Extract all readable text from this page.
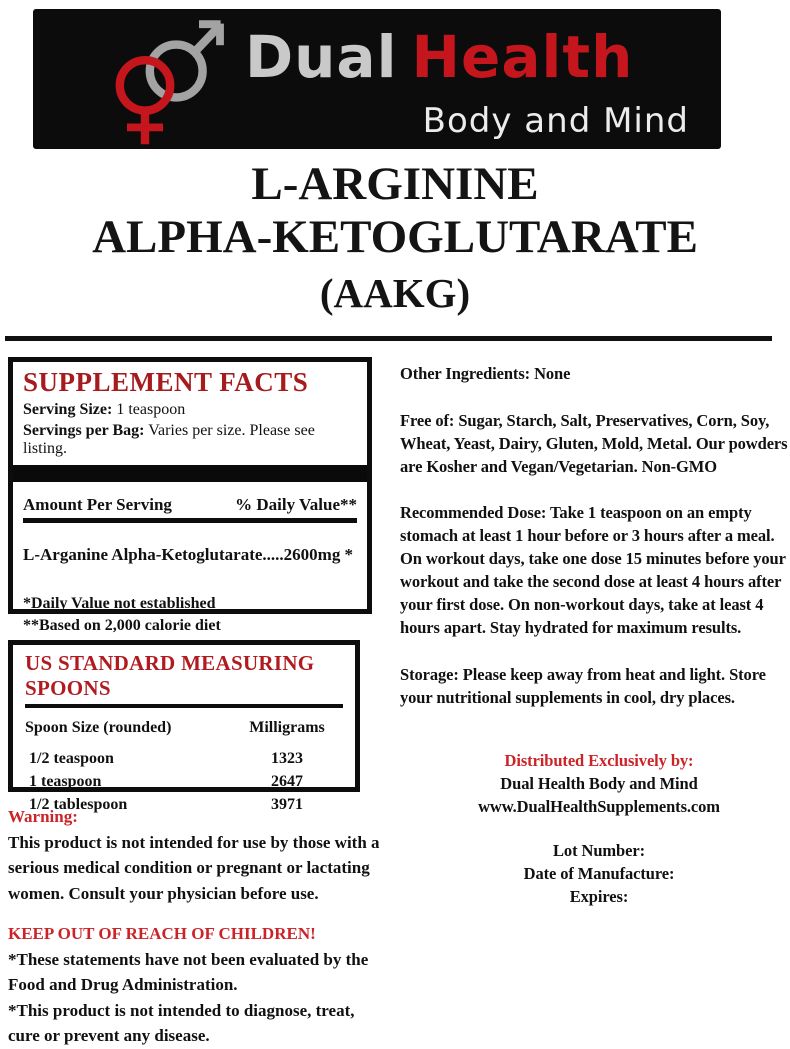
Dual Health
Body and Mind
L-ARGININE
ALPHA-KETOGLUTARATE
(AAKG)
SUPPLEMENT FACTS
Serving Size: 1 teaspoon
Servings per Bag: Varies per size. Please see listing.
Amount Per Serving	% Daily Value**
L-Arganine Alpha-Ketoglutarate.....2600mg *
*Daily Value not established
**Based on 2,000 calorie diet
US STANDARD MEASURING SPOONS
Spoon Size (rounded)	Milligrams
1/2 teaspoon	1323
1 teaspoon	2647
1/2 tablespoon	3971
Warning:
This product is not intended for use by those with a serious medical condition or pregnant or lactating women. Consult your physician before use.
KEEP OUT OF REACH OF CHILDREN!
*These statements have not been evaluated by the Food and Drug Administration.
*This product is not intended to diagnose, treat, cure or prevent any disease.

Other Ingredients: None

Free of: Sugar, Starch, Salt, Preservatives, Corn, Soy, Wheat, Yeast, Dairy, Gluten, Mold, Metal. Our powders are Kosher and Vegan/Vegetarian. Non-GMO

Recommended Dose: Take 1 teaspoon on an empty stomach at least 1 hour before or 3 hours after a meal. On workout days, take one dose 15 minutes before your workout and take the second dose at least 4 hours after your first dose. On non-workout days, take at least 4 hours apart. Stay hydrated for maximum results.

Storage: Please keep away from heat and light. Store your nutritional supplements in cool, dry places.

Distributed Exclusively by:
Dual Health Body and Mind
www.DualHealthSupplements.com
Lot Number:
Date of Manufacture:
Expires:
